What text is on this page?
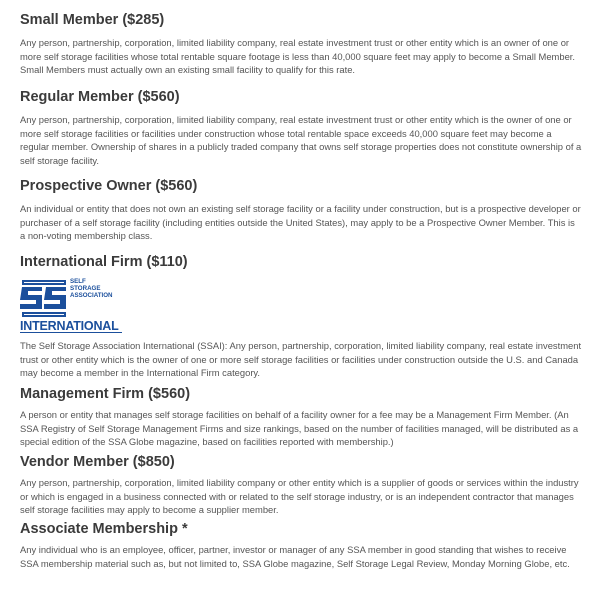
Small Member ($285)

Any person, partnership, corporation, limited liability company, real estate investment trust or other entity which is an owner of one or more self storage facilities whose total rentable square footage is less than 40,000 square feet may apply to become a Small Member. Small Members must actually own an existing small facility to qualify for this rate.

Regular Member ($560)

Any person, partnership, corporation, limited liability company, real estate investment trust or other entity which is the owner of one or more self storage facilities or facilities under construction whose total rentable space exceeds 40,000 square feet may become a regular member. Ownership of shares in a publicly traded company that owns self storage properties does not constitute ownership of a self storage facility.

Prospective Owner ($560)

An individual or entity that does not own an existing self storage facility or a facility under construction, but is a prospective developer or purchaser of a self storage facility (including entities outside the United States), may apply to be a Prospective Owner Member. This is a non-voting membership class.

International Firm ($110)
SELF
STORAGE
ASSOCIATION
INTERNATIONAL

The Self Storage Association International (SSAI): Any person, partnership, corporation, limited liability company, real estate investment trust or other entity which is the owner of one or more self storage facilities or facilities under construction outside the U.S. and Canada may become a member in the International Firm category.

Management Firm ($560)

A person or entity that manages self storage facilities on behalf of a facility owner for a fee may be a Management Firm Member. (An SSA Registry of Self Storage Management Firms and size rankings, based on the number of facilities managed, will be distributed as a special edition of the SSA Globe magazine, based on facilities reported with membership.)

Vendor Member ($850)

Any person, partnership, corporation, limited liability company or other entity which is a supplier of goods or services within the industry or which is engaged in a business connected with or related to the self storage industry, or is an independent contractor that manages self storage facilities may apply to become a supplier member.

Associate Membership *

Any individual who is an employee, officer, partner, investor or manager of any SSA member in good standing that wishes to receive SSA membership material such as, but not limited to, SSA Globe magazine, Self Storage Legal Review, Monday Morning Globe, etc.
